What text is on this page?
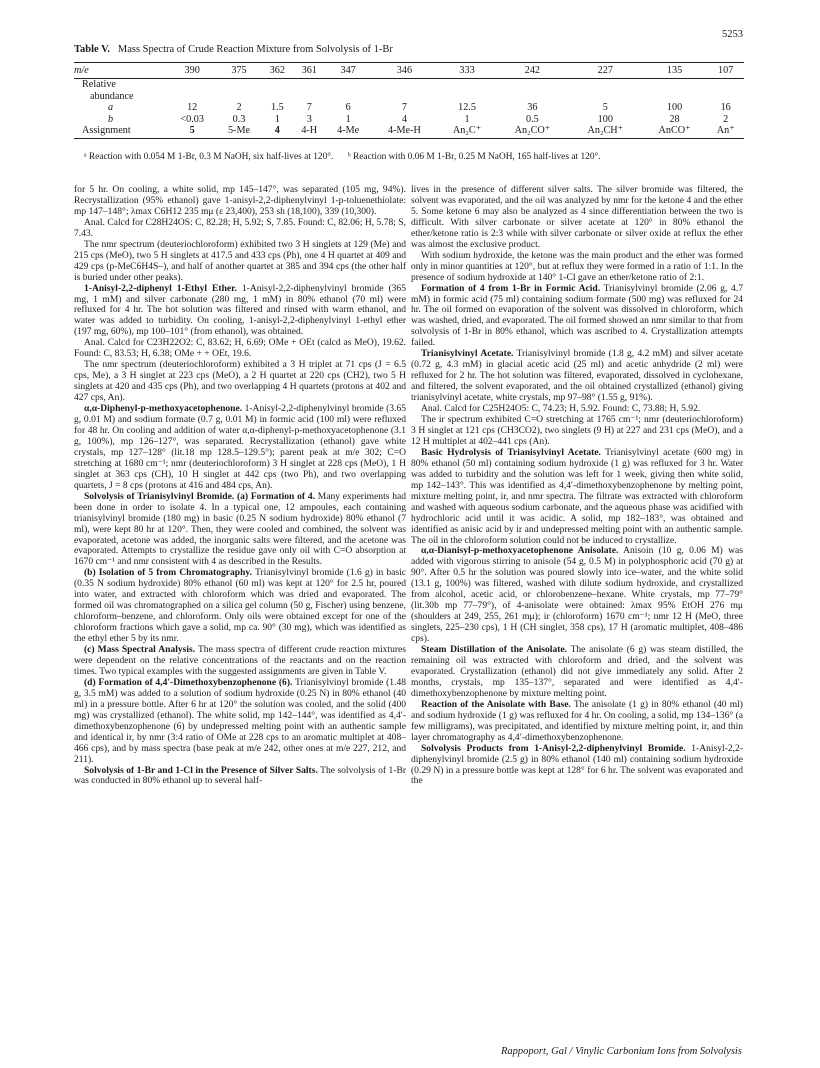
5253
Table V. Mass Spectra of Crude Reaction Mixture from Solvolysis of 1-Br
m/e	390	375	362	361	347	346	333	242	227	135	107
Relative											
abundance											
a	12	2	1.5	7	6	7	12.5	36	5	100	16
b	<0.03	0.3	1	3	1	4	1	0.5	100	28	2
Assignment	5	5-Me	4	4-H	4-Me	4-Me-H	An₂C⁺	An₂CO⁺	An₂CH⁺	AnCO⁺	An⁺
ᵃ Reaction with 0.054 M 1-Br, 0.3 M NaOH, six half-lives at 120°. ᵇ Reaction with 0.06 M 1-Br, 0.25 M NaOH, 165 half-lives at 120°.

for 5 hr. On cooling, a white solid, mp 145–147°, was separated (105 mg, 94%). Recrystallization (95% ethanol) gave 1-anisyl-2,2-diphenylvinyl 1-p-toluenethiolate: mp 147–148°; λmax C6H12 235 mμ (ε 23,400), 253 sh (18,100), 339 (10,300).

Anal. Calcd for C28H24OS: C, 82.28; H, 5.92; S, 7.85. Found: C, 82.06; H, 5.78; S, 7.43.

The nmr spectrum (deuteriochloroform) exhibited two 3 H singlets at 129 (Me) and 215 cps (MeO), two 5 H singlets at 417.5 and 433 cps (Ph), one 4 H quartet at 409 and 429 cps (p-MeC6H4S–), and half of another quartet at 385 and 394 cps (the other half is buried under other peaks).

1-Anisyl-2,2-diphenyl 1-Ethyl Ether. 1-Anisyl-2,2-diphenylvinyl bromide (365 mg, 1 mM) and silver carbonate (280 mg, 1 mM) in 80% ethanol (70 ml) were refluxed for 4 hr. The hot solution was filtered and rinsed with warm ethanol, and water was added to turbidity. On cooling, 1-anisyl-2,2-diphenylvinyl 1-ethyl ether (197 mg, 60%), mp 100–101° (from ethanol), was obtained.

Anal. Calcd for C23H22O2: C, 83.62; H, 6.69; OMe + OEt (calcd as MeO), 19.62. Found: C, 83.53; H, 6.38; OMe + + OEt, 19.6.

The nmr spectrum (deuteriochloroform) exhibited a 3 H triplet at 71 cps (J = 6.5 cps, Me), a 3 H singlet at 223 cps (MeO), a 2 H quartet at 220 cps (CH2), two 5 H singlets at 420 and 435 cps (Ph), and two overlapping 4 H quartets (protons at 402 and 427 cps, An).

α,α-Diphenyl-p-methoxyacetophenone. 1-Anisyl-2,2-diphenylvinyl bromide (3.65 g, 0.01 M) and sodium formate (0.7 g, 0.01 M) in formic acid (100 ml) were refluxed for 48 hr. On cooling and addition of water α,α-diphenyl-p-methoxyacetophenone (3.1 g, 100%), mp 126–127°, was separated. Recrystallization (ethanol) gave white crystals, mp 127–128° (lit.18 mp 128.5–129.5°); parent peak at m/e 302; C=O stretching at 1680 cm⁻¹; nmr (deuteriochloroform) 3 H singlet at 228 cps (MeO), 1 H singlet at 363 cps (CH), 10 H singlet at 442 cps (two Ph), and two overlapping quartets, J = 8 cps (protons at 416 and 484 cps, An).

Solvolysis of Trianisylvinyl Bromide. (a) Formation of 4. Many experiments had been done in order to isolate 4. In a typical one, 12 ampoules, each containing trianisylvinyl bromide (180 mg) in basic (0.25 N sodium hydroxide) 80% ethanol (7 ml), were kept 80 hr at 120°. Then, they were cooled and combined, the solvent was evaporated, acetone was added, the inorganic salts were filtered, and the acetone was evaporated. Attempts to crystallize the residue gave only oil with C=O absorption at 1670 cm⁻¹ and nmr consistent with 4 as described in the Results.

(b) Isolation of 5 from Chromatography. Trianisylvinyl bromide (1.6 g) in basic (0.35 N sodium hydroxide) 80% ethanol (60 ml) was kept at 120° for 2.5 hr, poured into water, and extracted with chloroform which was dried and evaporated. The formed oil was chromatographed on a silica gel column (50 g, Fischer) using benzene, chloroform–benzene, and chloroform. Only oils were obtained except for one of the chloroform fractions which gave a solid, mp ca. 90° (30 mg), which was identified as the ethyl ether 5 by its nmr.

(c) Mass Spectral Analysis. The mass spectra of different crude reaction mixtures were dependent on the relative concentrations of the reactants and on the reaction times. Two typical examples with the suggested assignments are given in Table V.

(d) Formation of 4,4′-Dimethoxybenzophenone (6). Trianisylvinyl bromide (1.48 g, 3.5 mM) was added to a solution of sodium hydroxide (0.25 N) in 80% ethanol (40 ml) in a pressure bottle. After 6 hr at 120° the solution was cooled, and the solid (400 mg) was crystallized (ethanol). The white solid, mp 142–144°, was identified as 4,4′-dimethoxybenzophenone (6) by undepressed melting point with an authentic sample and identical ir, by nmr (3:4 ratio of OMe at 228 cps to an aromatic multiplet at 408–466 cps), and by mass spectra (base peak at m/e 242, other ones at m/e 227, 212, and 211).

Solvolysis of 1-Br and 1-Cl in the Presence of Silver Salts. The solvolysis of 1-Br was conducted in 80% ethanol up to several half-

lives in the presence of different silver salts. The silver bromide was filtered, the solvent was evaporated, and the oil was analyzed by nmr for the ketone 4 and the ether 5. Some ketone 6 may also be analyzed as 4 since differentiation between the two is difficult. With silver carbonate or silver acetate at 120° in 80% ethanol the ether/ketone ratio is 2:3 while with silver carbonate or silver oxide at reflux the ether was almost the exclusive product.

With sodium hydroxide, the ketone was the main product and the ether was formed only in minor quantities at 120°, but at reflux they were formed in a ratio of 1:1. In the presence of sodium hydroxide at 140° 1-Cl gave an ether/ketone ratio of 2:1.

Formation of 4 from 1-Br in Formic Acid. Trianisylvinyl bromide (2.06 g, 4.7 mM) in formic acid (75 ml) containing sodium formate (500 mg) was refluxed for 24 hr. The oil formed on evaporation of the solvent was dissolved in chloroform, which was washed, dried, and evaporated. The oil formed showed an nmr similar to that from solvolysis of 1-Br in 80% ethanol, which was ascribed to 4. Crystallization attempts failed.

Trianisylvinyl Acetate. Trianisylvinyl bromide (1.8 g, 4.2 mM) and silver acetate (0.72 g, 4.3 mM) in glacial acetic acid (25 ml) and acetic anhydride (2 ml) were refluxed for 2 hr. The hot solution was filtered, evaporated, dissolved in cyclohexane, and filtered, the solvent evaporated, and the oil obtained crystallized (ethanol) giving trianisylvinyl acetate, white crystals, mp 97–98° (1.55 g, 91%).

Anal. Calcd for C25H24O5: C, 74.23; H, 5.92. Found: C, 73.88; H, 5.92.

The ir spectrum exhibited C=O stretching at 1765 cm⁻¹; nmr (deuteriochloroform) 3 H singlet at 121 cps (CH3CO2), two singlets (9 H) at 227 and 231 cps (MeO), and a 12 H multiplet at 402–441 cps (An).

Basic Hydrolysis of Trianisylvinyl Acetate. Trianisylvinyl acetate (600 mg) in 80% ethanol (50 ml) containing sodium hydroxide (1 g) was refluxed for 3 hr. Water was added to turbidity and the solution was left for 1 week, giving then white solid, mp 142–143°. This was identified as 4,4′-dimethoxybenzophenone by melting point, mixture melting point, ir, and nmr spectra. The filtrate was extracted with chloroform and washed with aqueous sodium carbonate, and the aqueous phase was acidified with hydrochloric acid until it was acidic. A solid, mp 182–183°, was obtained and identified as anisic acid by ir and undepressed melting point with an authentic sample. The oil in the chloroform solution could not be induced to crystallize.

α,α-Dianisyl-p-methoxyacetophenone Anisolate. Anisoin (10 g, 0.06 M) was added with vigorous stirring to anisole (54 g, 0.5 M) in polyphosphoric acid (70 g) at 90°. After 0.5 hr the solution was poured slowly into ice–water, and the white solid (13.1 g, 100%) was filtered, washed with dilute sodium hydroxide, and crystallized from alcohol, acetic acid, or chlorobenzene–hexane. White crystals, mp 77–79° (lit.30b mp 77–79°), of 4-anisolate were obtained: λmax 95% EtOH 276 mμ (shoulders at 249, 255, 261 mμ); ir (chloroform) 1670 cm⁻¹; nmr 12 H (MeO, three singlets, 225–230 cps), 1 H (CH singlet, 358 cps), 17 H (aromatic multiplet, 408–486 cps).

Steam Distillation of the Anisolate. The anisolate (6 g) was steam distilled, the remaining oil was extracted with chloroform and dried, and the solvent was evaporated. Crystallization (ethanol) did not give immediately any solid. After 2 months, crystals, mp 135–137°, separated and were identified as 4,4′-dimethoxybenzophenone by mixture melting point.

Reaction of the Anisolate with Base. The anisolate (1 g) in 80% ethanol (40 ml) and sodium hydroxide (1 g) was refluxed for 4 hr. On cooling, a solid, mp 134–136° (a few milligrams), was precipitated, and identified by mixture melting point, ir, and thin layer chromatography as 4,4′-dimethoxybenzophenone.

Solvolysis Products from 1-Anisyl-2,2-diphenylvinyl Bromide. 1-Anisyl-2,2-diphenylvinyl bromide (2.5 g) in 80% ethanol (140 ml) containing sodium hydroxide (0.29 N) in a pressure bottle was kept at 128° for 6 hr. The solvent was evaporated and the

Rappoport, Gal / Vinylic Carbonium Ions from Solvolysis
